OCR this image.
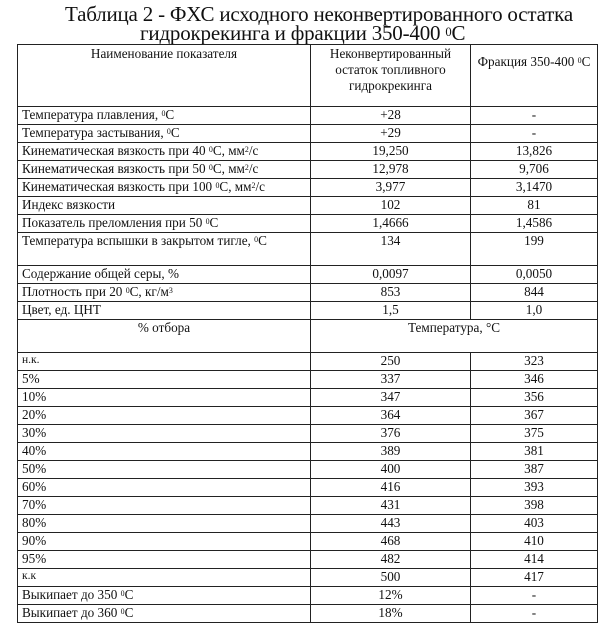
Таблица 2 - ФХС исходного неконвертированного остатка
гидрокрекинга и фракции 350-400 0C
Наименование показателя	Неконвертированный остаток топливного гидрокрекинга	Фракция 350-400 0C
Температура плавления, 0C	+28	-
Температура застывания, 0C	+29	-
Кинематическая вязкость при 40 0C, мм2/с	19,250	13,826
Кинематическая вязкость при 50 0C, мм2/с	12,978	9,706
Кинематическая вязкость при 100 0C, мм2/с	3,977	3,1470
Индекс вязкости	102	81
Показатель преломления при 50 0C	1,4666	1,4586
Температура вспышки в закрытом тигле, 0C	134	199
Содержание общей серы, %	0,0097	0,0050
Плотность при 20 0C, кг/м3	853	844
Цвет, ед. ЦНТ	1,5	1,0
% отбора	Температура, °C
н.к.	250	323
5%	337	346
10%	347	356
20%	364	367
30%	376	375
40%	389	381
50%	400	387
60%	416	393
70%	431	398
80%	443	403
90%	468	410
95%	482	414
к.к	500	417
Выкипает до 350 0C	12%	-
Выкипает до 360 0C	18%	-
